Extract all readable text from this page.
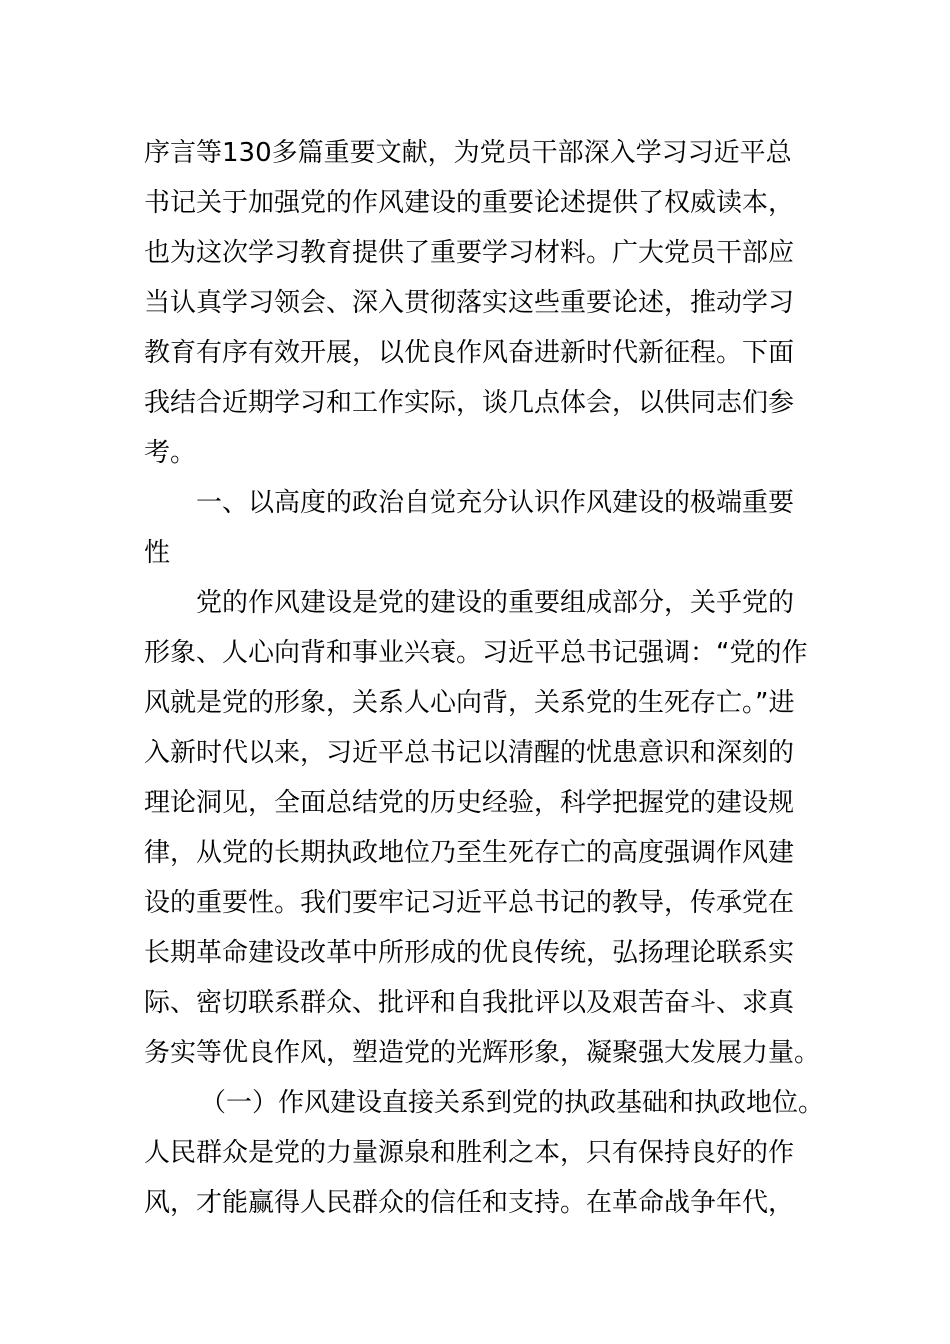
序言等130多篇重要文献，为党员干部深入学习习近平总
书记关于加强党的作风建设的重要论述提供了权威读本，
也为这次学习教育提供了重要学习材料。广大党员干部应
当认真学习领会、深入贯彻落实这些重要论述，推动学习
教育有序有效开展，以优良作风奋进新时代新征程。下面
我结合近期学习和工作实际，谈几点体会，以供同志们参
考。
一、以高度的政治自觉充分认识作风建设的极端重要
性
党的作风建设是党的建设的重要组成部分，关乎党的
形象、人心向背和事业兴衰。习近平总书记强调：“党的作
风就是党的形象，关系人心向背，关系党的生死存亡。”进
入新时代以来，习近平总书记以清醒的忧患意识和深刻的
理论洞见，全面总结党的历史经验，科学把握党的建设规
律，从党的长期执政地位乃至生死存亡的高度强调作风建
设的重要性。我们要牢记习近平总书记的教导，传承党在
长期革命建设改革中所形成的优良传统，弘扬理论联系实
际、密切联系群众、批评和自我批评以及艰苦奋斗、求真
务实等优良作风，塑造党的光辉形象，凝聚强大发展力量。
（一）作风建设直接关系到党的执政基础和执政地位。
人民群众是党的力量源泉和胜利之本，只有保持良好的作
风，才能赢得人民群众的信任和支持。在革命战争年代，
